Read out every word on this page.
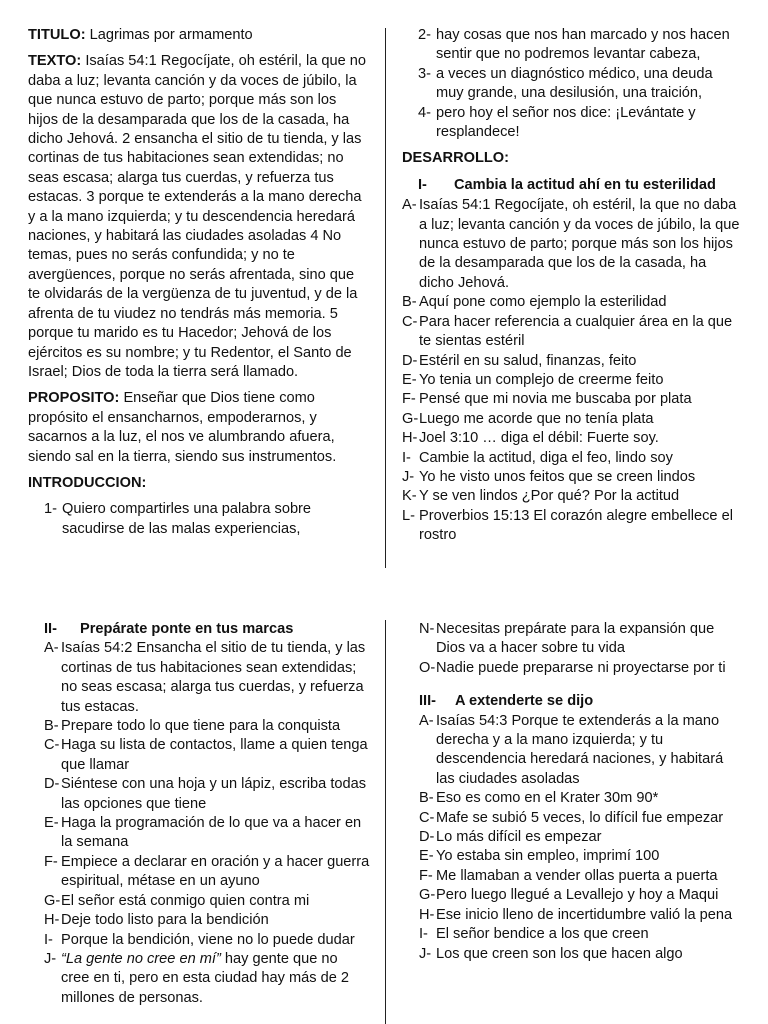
TITULO: Lagrimas por armamento

TEXTO: Isaías 54:1 Regocíjate, oh estéril, la que no daba a luz; levanta canción y da voces de júbilo, la que nunca estuvo de parto; porque más son los hijos de la desamparada que los de la casada, ha dicho Jehová. 2 ensancha el sitio de tu tienda, y las cortinas de tus habitaciones sean extendidas; no seas escasa; alarga tus cuerdas, y refuerza tus estacas. 3 porque te extenderás a la mano derecha y a la mano izquierda; y tu descendencia heredará naciones, y habitará las ciudades asoladas 4 No temas, pues no serás confundida; y no te avergüences, porque no serás afrentada, sino que te olvidarás de la vergüenza de tu juventud, y de la afrenta de tu viudez no tendrás más memoria. 5 porque tu marido es tu Hacedor; Jehová de los ejércitos es su nombre; y tu Redentor, el Santo de Israel; Dios de toda la tierra será llamado.

PROPOSITO: Enseñar que Dios tiene como propósito el ensancharnos, empoderarnos, y sacarnos a la luz, el nos ve alumbrando afuera, siendo sal en la tierra, siendo sus instrumentos.

INTRODUCCION:

1- Quiero compartirles una palabra sobre sacudirse de las malas experiencias,
2- hay cosas que nos han marcado y nos hacen sentir que no podremos levantar cabeza,
3- a veces un diagnóstico médico, una deuda muy grande, una desilusión, una traición,
4- pero hoy el señor nos dice: ¡Levántate y resplandece!

DESARROLLO:

I-	Cambia la actitud ahí en tu esterilidad
A- Isaías 54:1 Regocíjate, oh estéril, la que no daba a luz; levanta canción y da voces de júbilo, la que nunca estuvo de parto; porque más son los hijos de la desamparada que los de la casada, ha dicho Jehová.
B- Aquí pone como ejemplo la esterilidad
C- Para hacer referencia a cualquier área en la que te sientas estéril
D- Estéril en su salud, finanzas, feito
E- Yo tenia un complejo de creerme feito
F- Pensé que mi novia me buscaba por plata
G- Luego me acorde que no tenía plata
H- Joel 3:10 … diga el débil: Fuerte soy.
I- Cambie la actitud, diga el feo, lindo soy
J- Yo he visto unos feitos que se creen lindos
K- Y se ven lindos ¿Por qué? Por la actitud
L- Proverbios 15:13 El corazón alegre embellece el rostro
II-	Prepárate ponte en tus marcas
A- Isaías 54:2 Ensancha el sitio de tu tienda, y las cortinas de tus habitaciones sean extendidas; no seas escasa; alarga tus cuerdas, y refuerza tus estacas.
B- Prepare todo lo que tiene para la conquista
C- Haga su lista de contactos, llame a quien tenga que llamar
D- Siéntese con una hoja y un lápiz, escriba todas las opciones que tiene
E- Haga la programación de lo que va a hacer en la semana
F- Empiece a declarar en oración y a hacer guerra espiritual, métase en un ayuno
G- El señor está conmigo quien contra mi
H- Deje todo listo para la bendición
I- Porque la bendición, viene no lo puede dudar
J- “La gente no cree en mí” hay gente que no cree en ti, pero en esta ciudad hay más de 2 millones de personas.
N- Necesitas prepárate para la expansión que Dios va a hacer sobre tu vida
O- Nadie puede prepararse ni proyectarse por ti
III-	A extenderte se dijo
A- Isaías 54:3 Porque te extenderás a la mano derecha y a la mano izquierda; y tu descendencia heredará naciones, y habitará las ciudades asoladas
B- Eso es como en el Krater 30m 90*
C- Mafe se subió 5 veces, lo difícil fue empezar
D- Lo más difícil es empezar
E- Yo estaba sin empleo, imprimí 100
F- Me llamaban a vender ollas puerta a puerta
G- Pero luego llegué a Levallejo y hoy a Maqui
H- Ese inicio lleno de incertidumbre valió la pena
I- El señor bendice a los que creen
J- Los que creen son los que hacen algo
